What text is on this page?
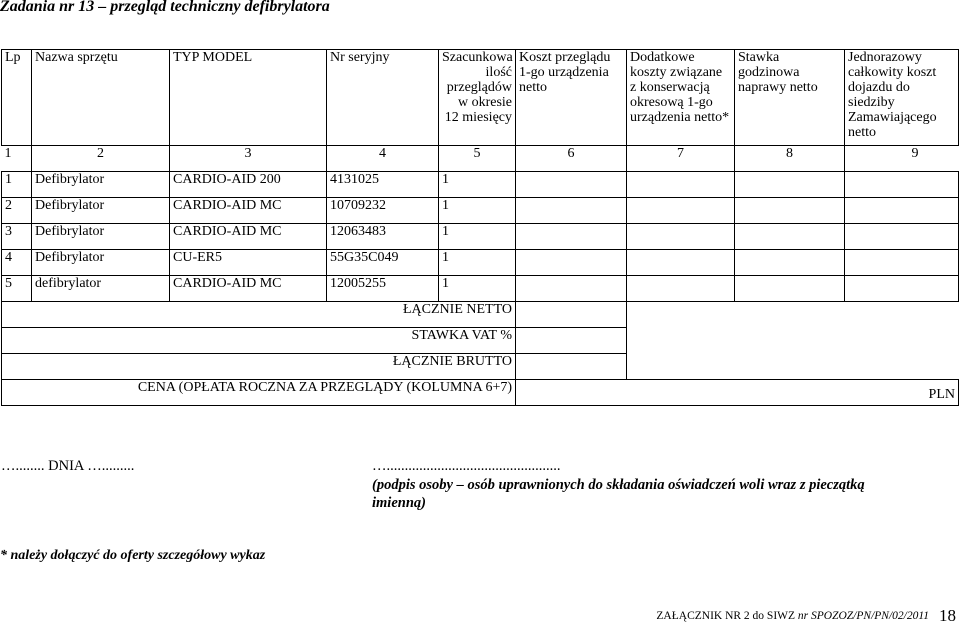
Zadania nr 13 – przegląd techniczny defibrylatora
Lp	Nazwa sprzętu	TYP MODEL	Nr seryjny	Szacunkowa ilość przeglądów w okresie 12 miesięcy	Koszt przeglądu 1-go urządzenia netto	Dodatkowe koszty związane z konserwacją okresową 1-go urządzenia netto*	Stawka godzinowa naprawy netto	Jednorazowy całkowity koszt dojazdu do siedziby Zamawiającego netto
1	2	3	4	5	6	7	8	9
1	Defibrylator	CARDIO-AID 200	4131025	1				
2	Defibrylator	CARDIO-AID MC	10709232	1				
3	Defibrylator	CARDIO-AID MC	12063483	1				
4	Defibrylator	CU-ER5	55G35C049	1				
5	defibrylator	CARDIO-AID MC	12005255	1				
ŁĄCZNIE NETTO								
STAWKA VAT %								
ŁĄCZNIE BRUTTO								
CENA (OPŁATA ROCZNA ZA PRZEGLĄDY (KOLUMNA 6+7)					PLN			
…........ DNIA ….........	…................................................
(podpis osoby – osób uprawnionych do składania oświadczeń woli wraz z pieczątką imienną)
* należy dołączyć do oferty szczegółowy wykaz
ZAŁĄCZNIK NR 2 do SIWZ nr SPOZOZ/PN/PN/02/2011 18
